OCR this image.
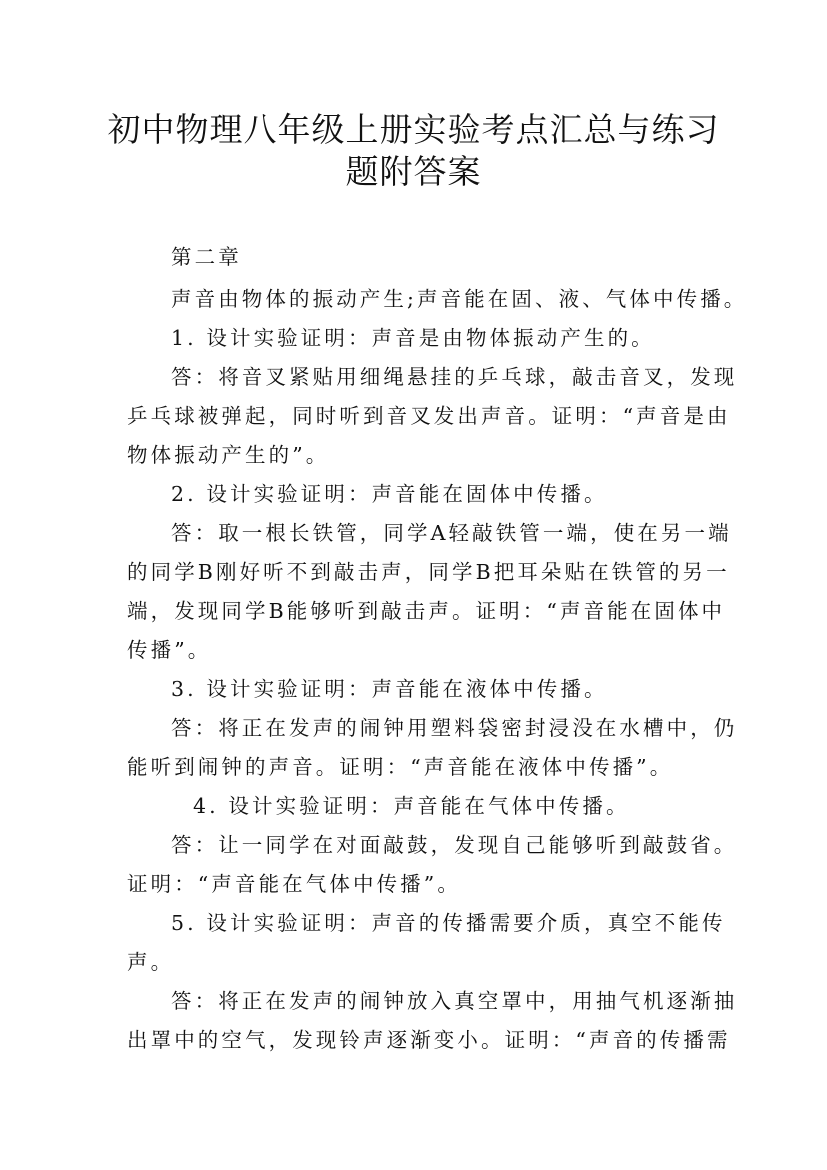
初中物理八年级上册实验考点汇总与练习
题附答案
第二章
声音由物体的振动产生;声音能在固、液、气体中传播。
1. 设计实验证明：声音是由物体振动产生的。
答：将音叉紧贴用细绳悬挂的乒乓球，敲击音叉，发现
乒乓球被弹起，同时听到音叉发出声音。证明：“声音是由
物体振动产生的”。
2. 设计实验证明：声音能在固体中传播。
答：取一根长铁管，同学A轻敲铁管一端，使在另一端
的同学B刚好听不到敲击声，同学B把耳朵贴在铁管的另一
端，发现同学B能够听到敲击声。证明：“声音能在固体中
传播”。
3. 设计实验证明：声音能在液体中传播。
答：将正在发声的闹钟用塑料袋密封浸没在水槽中，仍
能听到闹钟的声音。证明：“声音能在液体中传播”。
4. 设计实验证明：声音能在气体中传播。
答：让一同学在对面敲鼓，发现自己能够听到敲鼓省。
证明：“声音能在气体中传播”。
5. 设计实验证明：声音的传播需要介质，真空不能传
声。
答：将正在发声的闹钟放入真空罩中，用抽气机逐渐抽
出罩中的空气，发现铃声逐渐变小。证明：“声音的传播需
